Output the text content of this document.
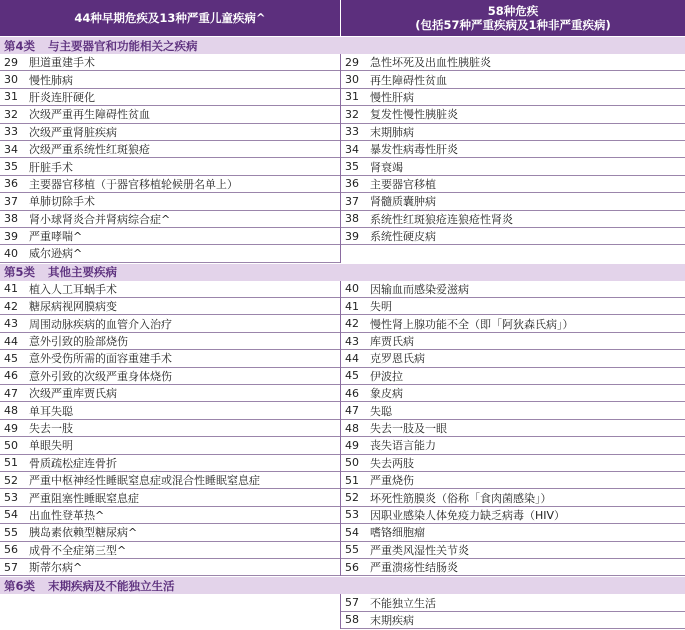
44种早期危疾及13种严重儿童疾病^	58种危疾
(包括57种严重疾病及1种非严重疾病)
第4类	与主要器官和功能相关之疾病
29	胆道重建手术
30	慢性肺病
31	肝炎连肝硬化
32	次级严重再生障碍性贫血
33	次级严重肾脏疾病
34	次级严重系统性红斑狼疮
35	肝脏手术
36	主要器官移植（于器官移植轮候册名单上）
37	单肺切除手术
38	肾小球肾炎合并肾病综合症^
39	严重哮喘^
40	威尔逊病^
29	急性坏死及出血性胰脏炎
30	再生障碍性贫血
31	慢性肝病
32	复发性慢性胰脏炎
33	末期肺病
34	暴发性病毒性肝炎
35	肾衰竭
36	主要器官移植
37	肾髓质囊肿病
38	系统性红斑狼疮连狼疮性肾炎
39	系统性硬皮病
第5类	其他主要疾病
41	植入人工耳蜗手术
42	糖尿病视网膜病变
43	周围动脉疾病的血管介入治疗
44	意外引致的脸部烧伤
45	意外受伤所需的面容重建手术
46	意外引致的次级严重身体烧伤
47	次级严重库贾氏病
48	单耳失聪
49	失去一肢
50	单眼失明
51	骨质疏松症连骨折
52	严重中枢神经性睡眠窒息症或混合性睡眠窒息症
53	严重阻塞性睡眠窒息症
54	出血性登革热^
55	胰岛素依赖型糖尿病^
56	成骨不全症第三型^
57	斯蒂尔病^
40	因输血而感染爱滋病
41	失明
42	慢性肾上腺功能不全（即「阿狄森氏病」）
43	库贾氏病
44	克罗恩氏病
45	伊波拉
46	象皮病
47	失聪
48	失去一肢及一眼
49	丧失语言能力
50	失去两肢
51	严重烧伤
52	坏死性筋膜炎（俗称「食肉菌感染」）
53	因职业感染人体免疫力缺乏病毒（HIV）
54	嗜铬细胞瘤
55	严重类风湿性关节炎
56	严重溃疡性结肠炎
第6类	末期疾病及不能独立生活
57	不能独立生活
58	末期疾病
